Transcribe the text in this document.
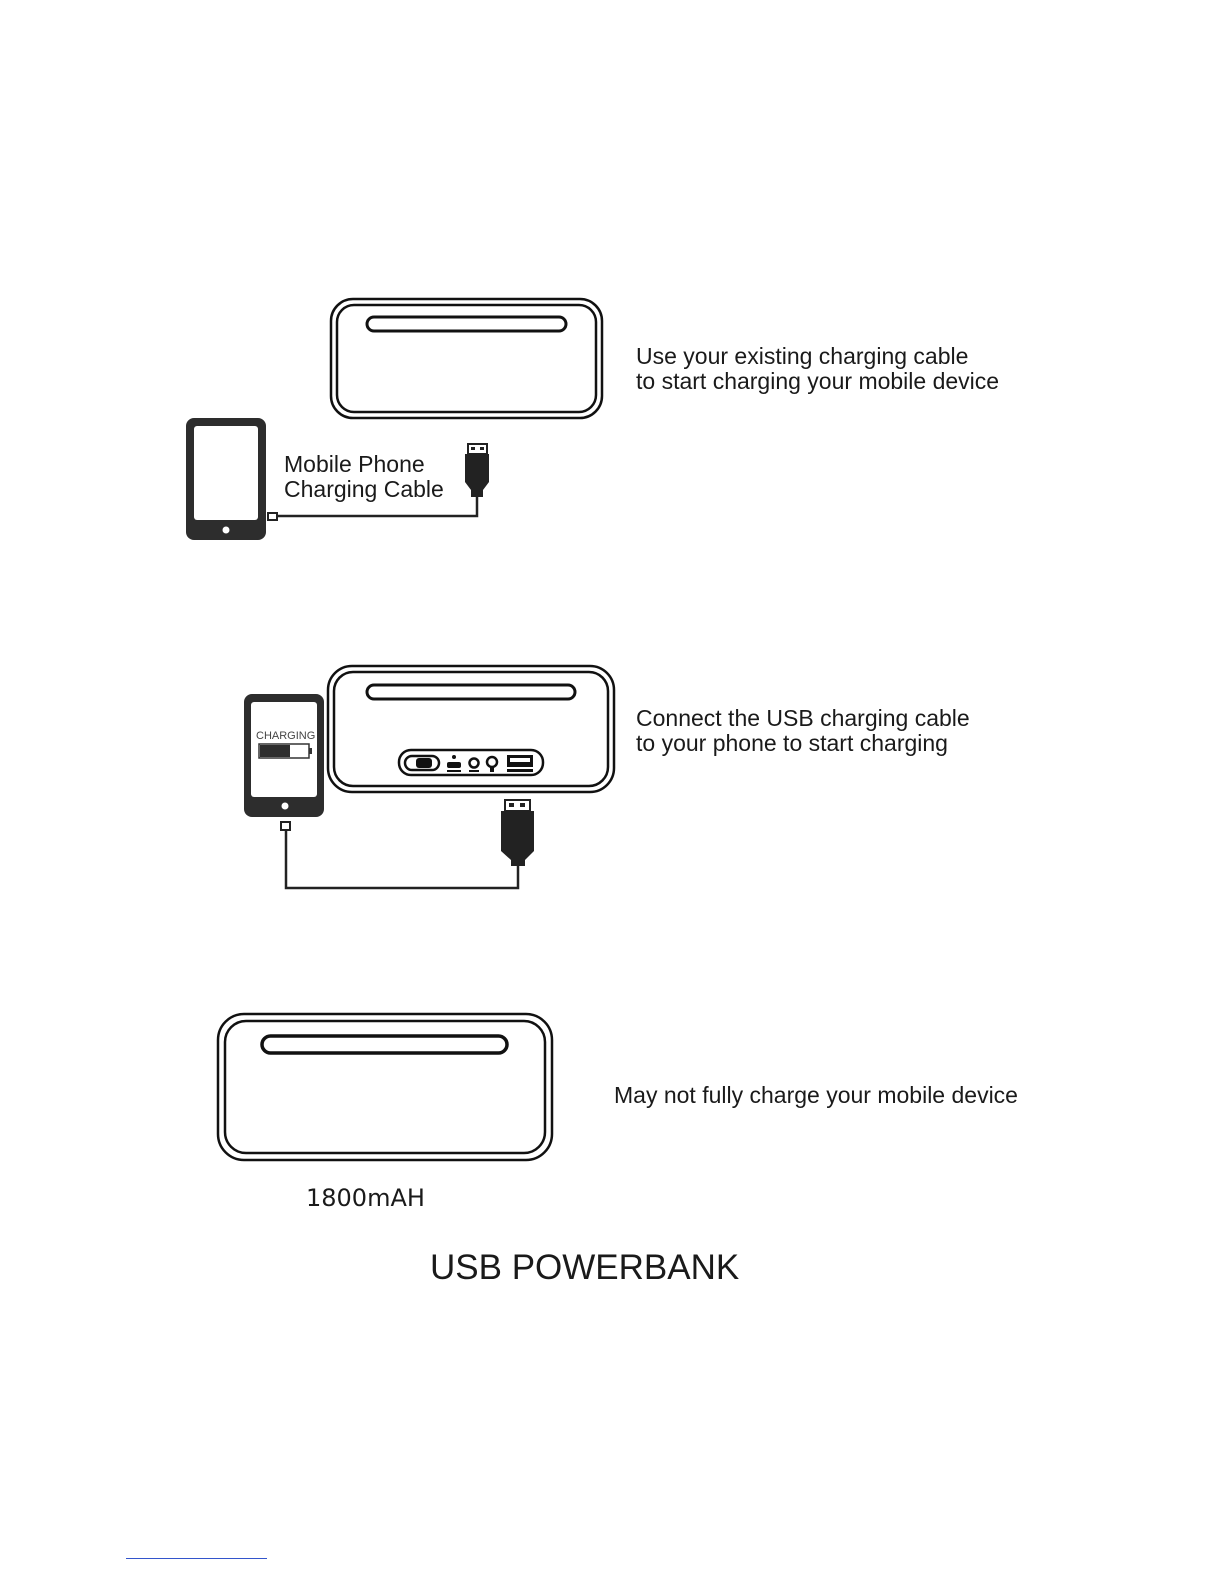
CHARGING
Use your existing charging cable
to start charging your mobile device
Mobile Phone
Charging Cable
Connect the USB charging cable
to your phone to start charging
May not fully charge your mobile device
1800mAH
USB POWERBANK
